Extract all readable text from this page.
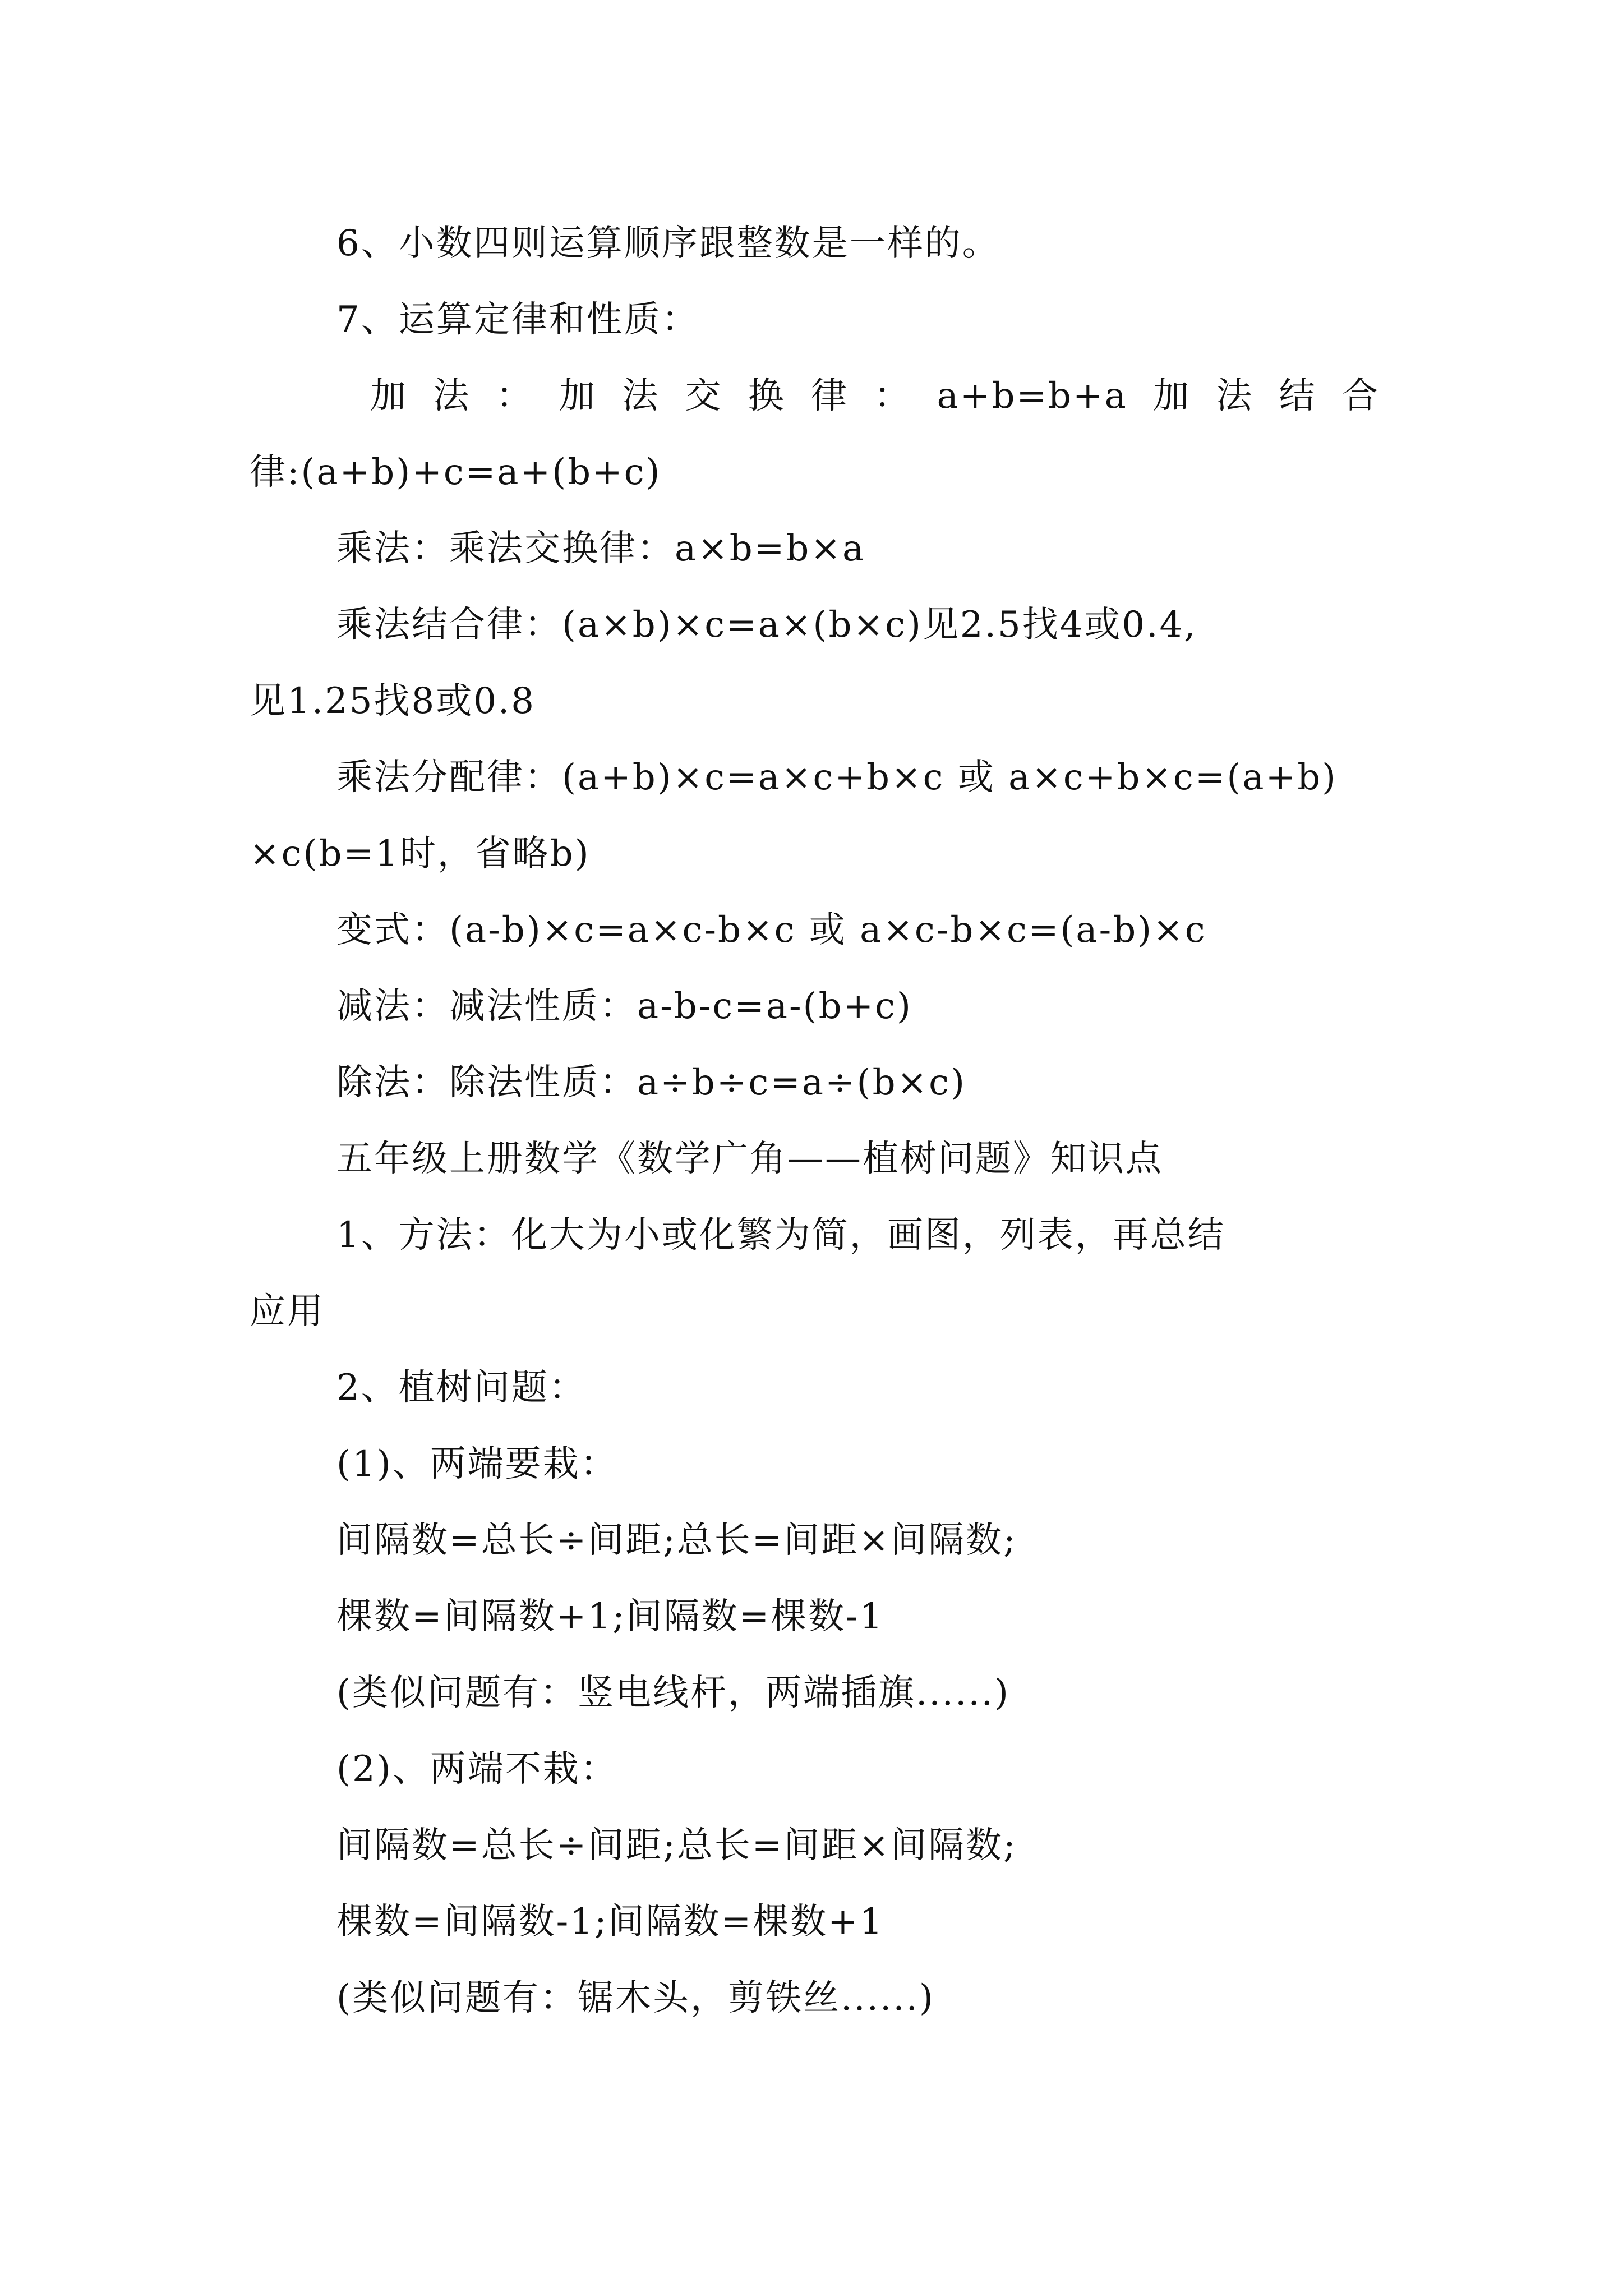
6、小数四则运算顺序跟整数是一样的。
7、运算定律和性质：
加 法 ： 加 法 交 换 律 ： a+b=b+a 加 法 结 合
律:(a+b)+c=a+(b+c)
乘法：乘法交换律：a×b=b×a
乘法结合律：(a×b)×c=a×(b×c)见2.5找4或0.4,
见1.25找8或0.8
乘法分配律：(a+b)×c=a×c+b×c 或 a×c+b×c=(a+b)
×c(b=1时，省略b)
变式：(a-b)×c=a×c-b×c 或 a×c-b×c=(a-b)×c
减法：减法性质：a-b-c=a-(b+c)
除法：除法性质：a÷b÷c=a÷(b×c)
五年级上册数学《数学广角——植树问题》知识点
1、方法：化大为小或化繁为简，画图，列表，再总结
应用
2、植树问题：
(1)、两端要栽：
间隔数=总长÷间距;总长=间距×间隔数;
棵数=间隔数+1;间隔数=棵数-1
(类似问题有：竖电线杆，两端插旗......)
(2)、两端不栽：
间隔数=总长÷间距;总长=间距×间隔数;
棵数=间隔数-1;间隔数=棵数+1
(类似问题有：锯木头，剪铁丝......)
